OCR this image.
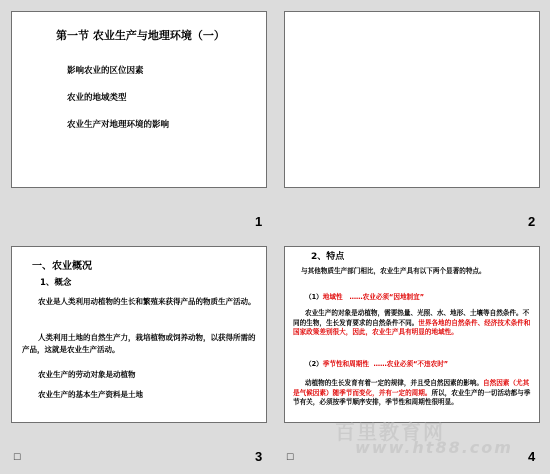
第一节 农业生产与地理环境（一）
影响农业的区位因素
农业的地域类型
农业生产对地理环境的影响
1	2
一、农业概况
1、概念
农业是人类利用动植物的生长和繁殖来获得产品的物质生产活动。
人类利用土地的自然生产力，栽培植物或饲养动物，以获得所需的产品，这就是农业生产活动。
农业生产的劳动对象是动植物
农业生产的基本生产资料是土地
☐	3
2、特点
与其他物质生产部门相比，农业生产具有以下两个显著的特点。
（1）地域性 ……农业必须“因地制宜”
农业生产的对象是动植物，需要热量、光照、水、地形、土壤等自然条件。不同的生物，生长发育要求的自然条件不同。世界各地的自然条件、经济技术条件和国家政策差别很大，因此，农业生产具有明显的地域性。
（2）季节性和周期性 ……农业必须“不违农时”
动植物的生长发育有着一定的规律，并且受自然因素的影响。自然因素（尤其是气候因素）随季节而变化，并有一定的周期。所以，农业生产的一切活动都与季节有关，必须按季节顺序安排，季节性和周期性很明显。
☐	4
百里教育网
www.ht88.com
